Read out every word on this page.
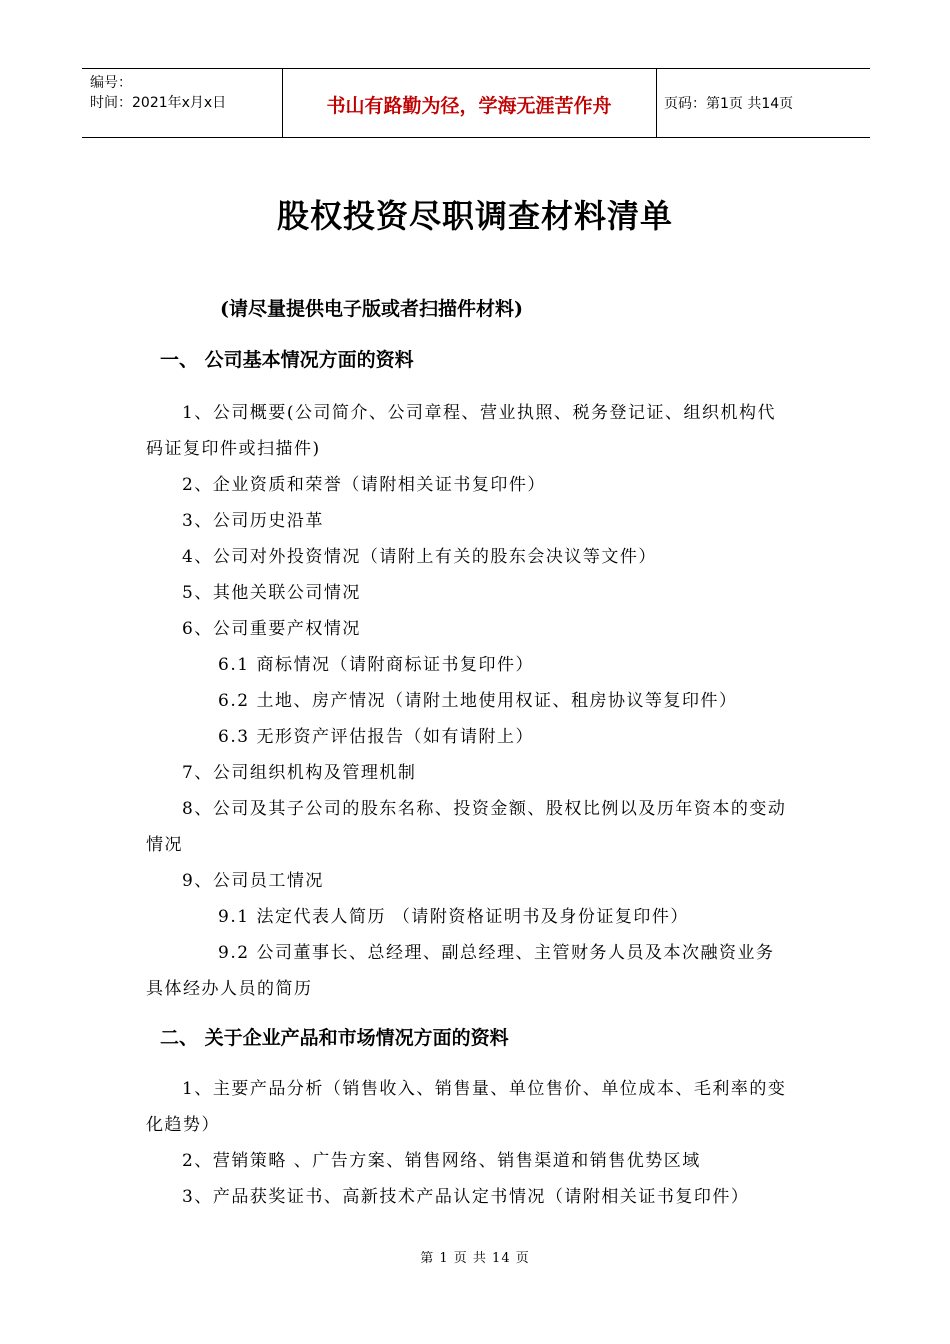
编号：
时间：2021年x月x日	书山有路勤为径，学海无涯苦作舟	页码：第1页 共14页
股权投资尽职调查材料清单
(请尽量提供电子版或者扫描件材料)
一、 公司基本情况方面的资料
1、公司概要(公司简介、公司章程、营业执照、税务登记证、组织机构代
码证复印件或扫描件)
2、企业资质和荣誉（请附相关证书复印件）
3、公司历史沿革
4、公司对外投资情况（请附上有关的股东会决议等文件）
5、其他关联公司情况
6、公司重要产权情况
6.1 商标情况（请附商标证书复印件）
6.2 土地、房产情况（请附土地使用权证、租房协议等复印件）
6.3 无形资产评估报告（如有请附上）
7、公司组织机构及管理机制
8、公司及其子公司的股东名称、投资金额、股权比例以及历年资本的变动
情况
9、公司员工情况
9.1 法定代表人简历 （请附资格证明书及身份证复印件）
9.2 公司董事长、总经理、副总经理、主管财务人员及本次融资业务
具体经办人员的简历
二、 关于企业产品和市场情况方面的资料
1、主要产品分析（销售收入、销售量、单位售价、单位成本、毛利率的变
化趋势）
2、营销策略 、广告方案、销售网络、销售渠道和销售优势区域
3、产品获奖证书、高新技术产品认定书情况（请附相关证书复印件）
第 1 页 共 14 页
